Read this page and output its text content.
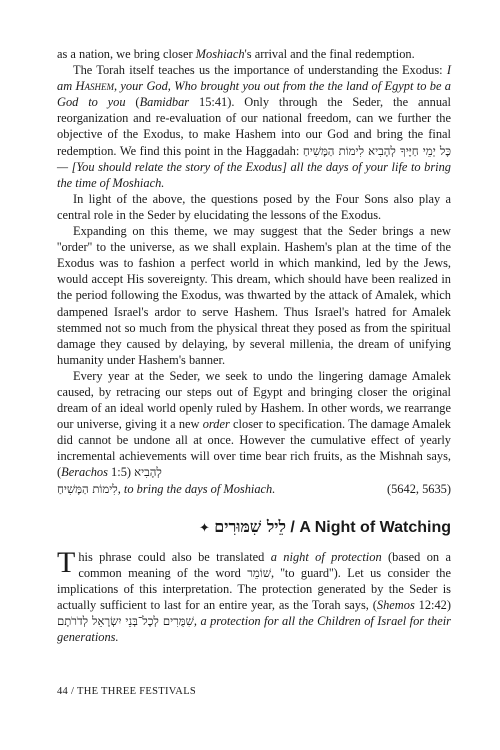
as a nation, we bring closer Moshiach's arrival and the final redemption.

The Torah itself teaches us the importance of understanding the Exodus: I am Hashem, your God, Who brought you out from the the land of Egypt to be a God to you (Bamidbar 15:41). Only through the Seder, the annual reorganization and re-evaluation of our national freedom, can we further the objective of the Exodus, to make Hashem into our God and bring the final redemption. We find this point in the Haggadah: כָּל יְמֵי חַיֶּיךָ לְהָבִיא לִימוֹת הַמָּשִׁיחַ — [You should relate the story of the Exodus] all the days of your life to bring the time of Moshiach.

In light of the above, the questions posed by the Four Sons also play a central role in the Seder by elucidating the lessons of the Exodus.

Expanding on this theme, we may suggest that the Seder brings a new ''order'' to the universe, as we shall explain. Hashem's plan at the time of the Exodus was to fashion a perfect world in which mankind, led by the Jews, would accept His sovereignty. This dream, which should have been realized in the period following the Exodus, was thwarted by the attack of Amalek, which dampened Israel's ardor to serve Hashem. Thus Israel's hatred for Amalek stemmed not so much from the physical threat they posed as from the spiritual damage they caused by delaying, by several millenia, the dream of unifying humanity under Hashem's banner.

Every year at the Seder, we seek to undo the lingering damage Amalek caused, by retracing our steps out of Egypt and bringing closer the original dream of an ideal world openly ruled by Hashem. In other words, we rearrange our universe, giving it a new order closer to specification. The damage Amalek did cannot be undone all at once. However the cumulative effect of yearly incremental achievements will over time bear rich fruits, as the Mishnah says, (Berachos 1:5) לְהָבִיא

לִימוֹת הַמָּשִׁיחַ, to bring the days of Moshiach.	(5642, 5635)

✦ לֵיל שִׁמּוּרִים / A Night of Watching

This phrase could also be translated a night of protection (based on a common meaning of the word שׁוֹמֵר, ''to guard''). Let us consider the implications of this interpretation. The protection generated by the Seder is actually sufficient to last for an entire year, as the Torah says, (Shemos 12:42) שִׁמֻּרִים לְכָל־בְּנֵי יִשְׂרָאֵל לְדֹרֹתָם, a protection for all the Children of Israel for their generations.

44 / THE THREE FESTIVALS
